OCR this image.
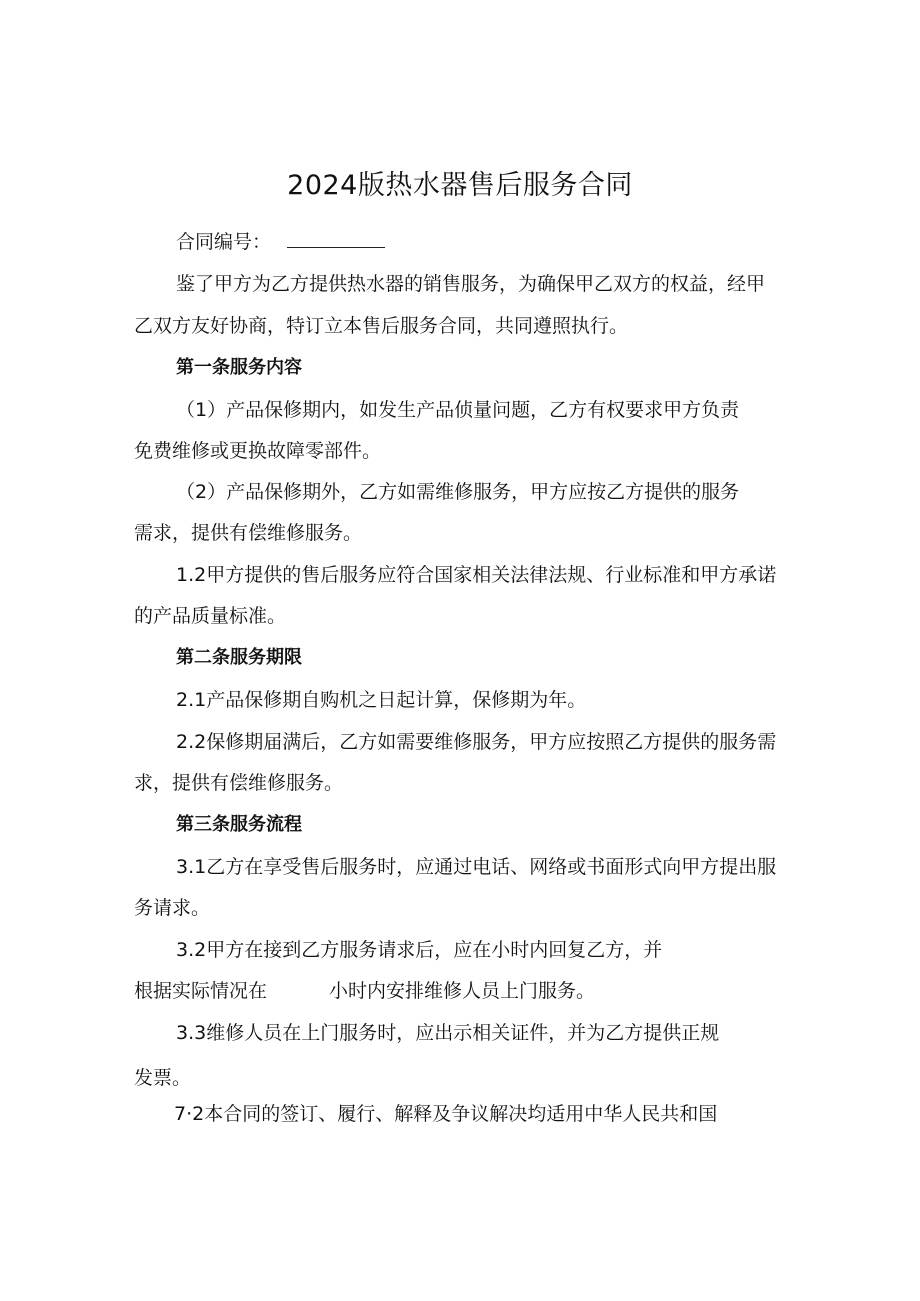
2024版热水器售后服务合同
合同编号：
鉴了甲方为乙方提供热水器的销售服务，为确保甲乙双方的权益，经甲
乙双方友好协商，特订立本售后服务合同，共同遵照执行。
第一条服务内容
（1）产品保修期内，如发生产品侦量问题，乙方有权要求甲方负责
免费维修或更换故障零部件。
（2）产品保修期外，乙方如需维修服务，甲方应按乙方提供的服务
需求，提供有偿维修服务。
1.2甲方提供的售后服务应符合国家相关法律法规、行业标准和甲方承诺
的产品质量标准。
第二条服务期限
2.1产品保修期自购机之日起计算，保修期为年。
2.2保修期届满后，乙方如需要维修服务，甲方应按照乙方提供的服务需
求，提供有偿维修服务。
第三条服务流程
3.1乙方在享受售后服务时，应通过电话、网络或书面形式向甲方提出服
务请求。
3.2甲方在接到乙方服务请求后，应在小时内回复乙方，并
根据实际情况在	小时内安排维修人员上门服务。
3.3维修人员在上门服务时，应出示相关证件，并为乙方提供正规
发票。
7·2本合同的签订、履行、解释及争议解决均适用中华人民共和国
